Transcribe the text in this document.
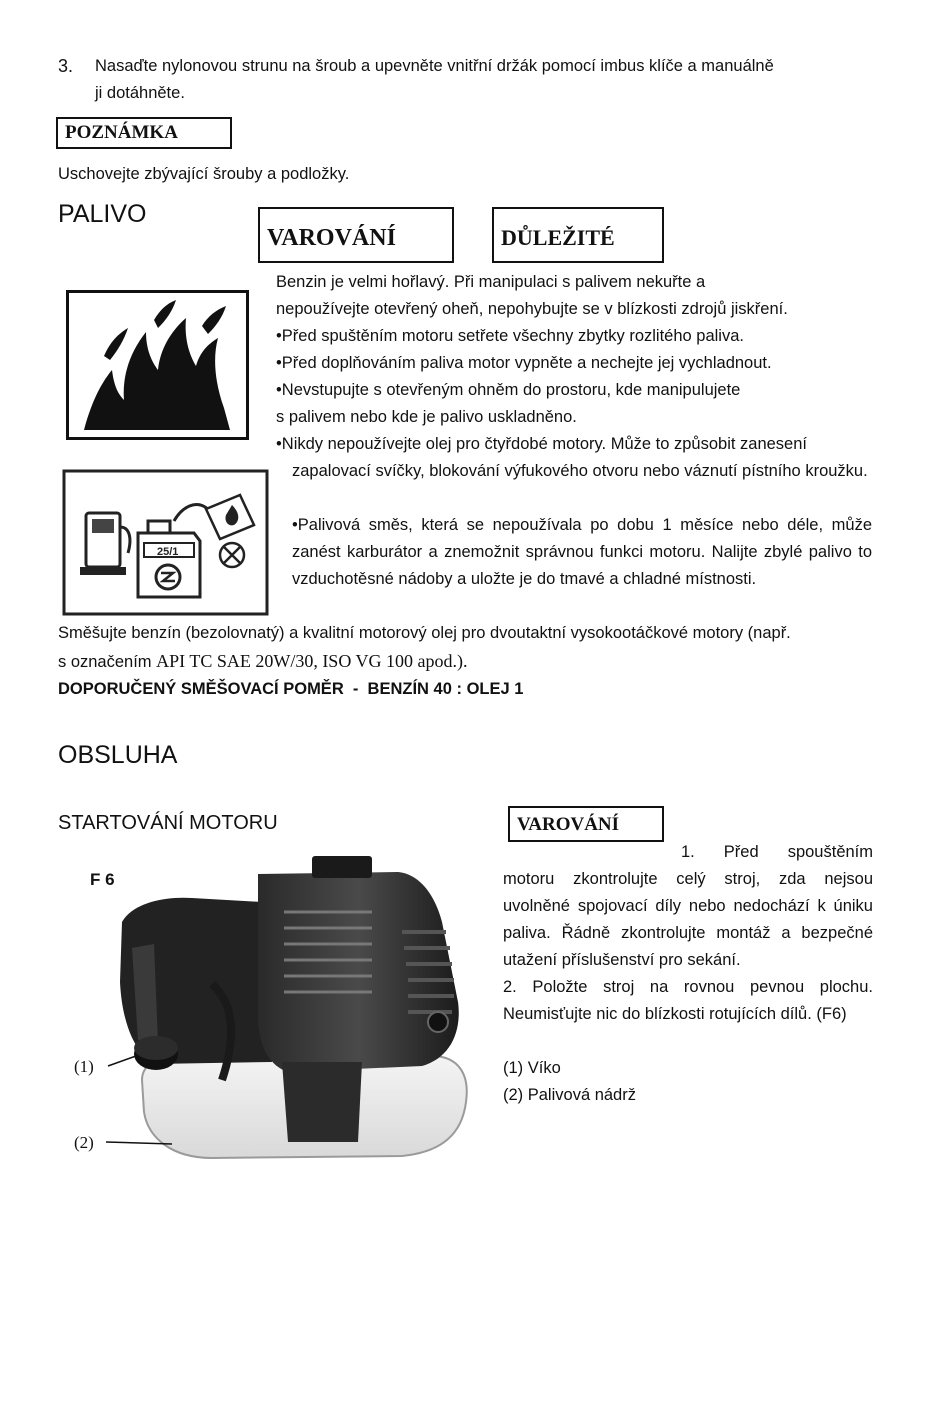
3. Nasaďte nylonovou strunu na šroub a upevněte vnitřní držák pomocí imbus klíče a manuálně
ji dotáhněte.
POZNÁMKA
Uschovejte zbývající šrouby a podložky.
PALIVO
VAROVÁNÍ	DŮLEŽITÉ
25/1
Benzin je velmi hořlavý. Při manipulaci s palivem nekuřte a
nepoužívejte otevřený oheň, nepohybujte se v blízkosti zdrojů jiskření.
•Před spuštěním motoru setřete všechny zbytky rozlitého paliva.
•Před doplňováním paliva motor vypněte a nechejte jej vychladnout.
•Nevstupujte s otevřeným ohněm do prostoru, kde manipulujete
s palivem nebo kde je palivo uskladněno.
•Nikdy nepoužívejte olej pro čtyřdobé motory. Může to způsobit zanesení
zapalovací svíčky, blokování výfukového otvoru nebo váznutí pístního kroužku.

•Palivová směs, která se nepoužívala po dobu 1 měsíce nebo déle, může zanést karburátor a znemožnit správnou funkci motoru. Nalijte zbylé palivo to vzduchotěsné nádoby a uložte je do tmavé a chladné místnosti.

Směšujte benzín (bezolovnatý) a kvalitní motorový olej pro dvoutaktní vysokootáčkové motory (např.
s označením API TC SAE 20W/30, ISO VG 100 apod.).
DOPORUČENÝ SMĚŠOVACÍ POMĚR  -  BENZÍN 40 : OLEJ 1
OBSLUHA
STARTOVÁNÍ MOTORU	VAROVÁNÍ
F 6
(1)
(2)

1. Před spouštěním motoru zkontrolujte celý stroj, zda nejsou uvolněné spojovací díly nebo nedochází k úniku paliva. Řádně zkontrolujte montáž a bezpečné utažení příslušenství pro sekání.

2. Položte stroj na rovnou pevnou plochu. Neumisťujte nic do blízkosti rotujících dílů. (F6)

(1) Víko
(2) Palivová nádrž
